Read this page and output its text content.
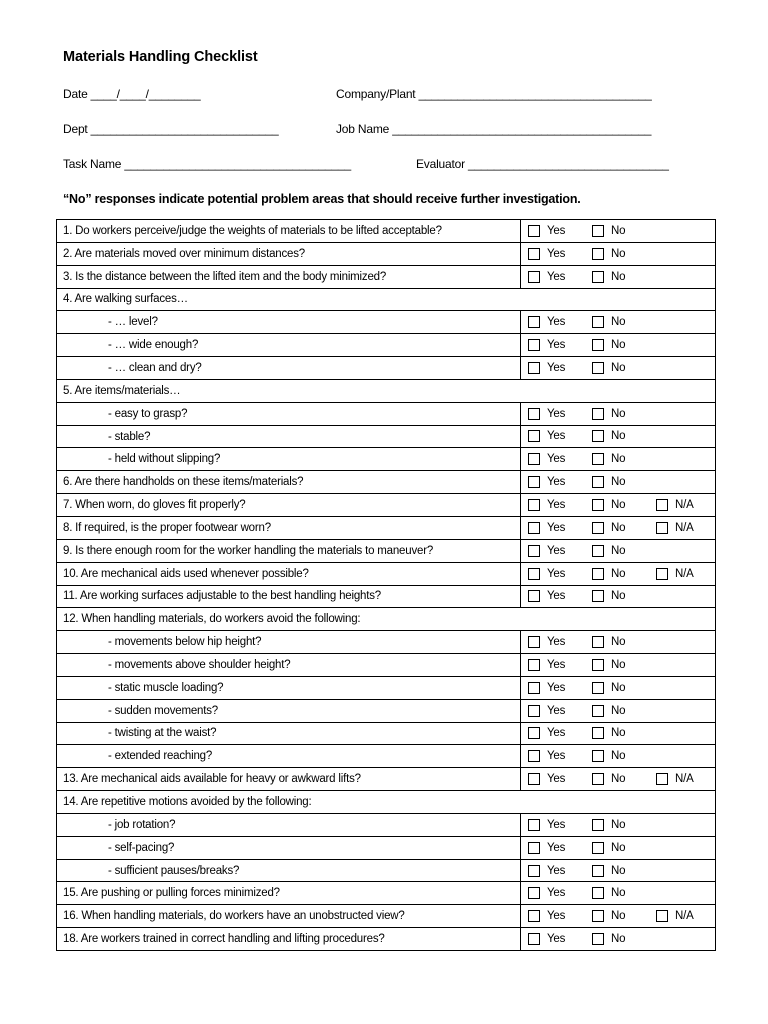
Materials Handling Checklist
Date ____/____/________	Company/Plant ____________________________________
Dept _____________________________	Job Name ________________________________________
Task Name ___________________________________	Evaluator _______________________________
“No” responses indicate potential problem areas that should receive further investigation.
1. Do workers perceive/judge the weights of materials to be lifted acceptable?	Yes No
2. Are materials moved over minimum distances?	Yes No
3. Is the distance between the lifted item and the body minimized?	Yes No
4. Are walking surfaces…	
- … level?	Yes No
- … wide enough?	Yes No
- … clean and dry?	Yes No
5. Are items/materials…	
- easy to grasp?	Yes No
- stable?	Yes No
- held without slipping?	Yes No
6. Are there handholds on these items/materials?	Yes No
7. When worn, do gloves fit properly?	Yes No N/A
8. If required, is the proper footwear worn?	Yes No N/A
9. Is there enough room for the worker handling the materials to maneuver?	Yes No
10. Are mechanical aids used whenever possible?	Yes No N/A
11. Are working surfaces adjustable to the best handling heights?	Yes No
12. When handling materials, do workers avoid the following:	
- movements below hip height?	Yes No
- movements above shoulder height?	Yes No
- static muscle loading?	Yes No
- sudden movements?	Yes No
- twisting at the waist?	Yes No
- extended reaching?	Yes No
13. Are mechanical aids available for heavy or awkward lifts?	Yes No N/A
14. Are repetitive motions avoided by the following:	
- job rotation?	Yes No
- self-pacing?	Yes No
- sufficient pauses/breaks?	Yes No
15. Are pushing or pulling forces minimized?	Yes No
16. When handling materials, do workers have an unobstructed view?	Yes No N/A
18. Are workers trained in correct handling and lifting procedures?	Yes No
